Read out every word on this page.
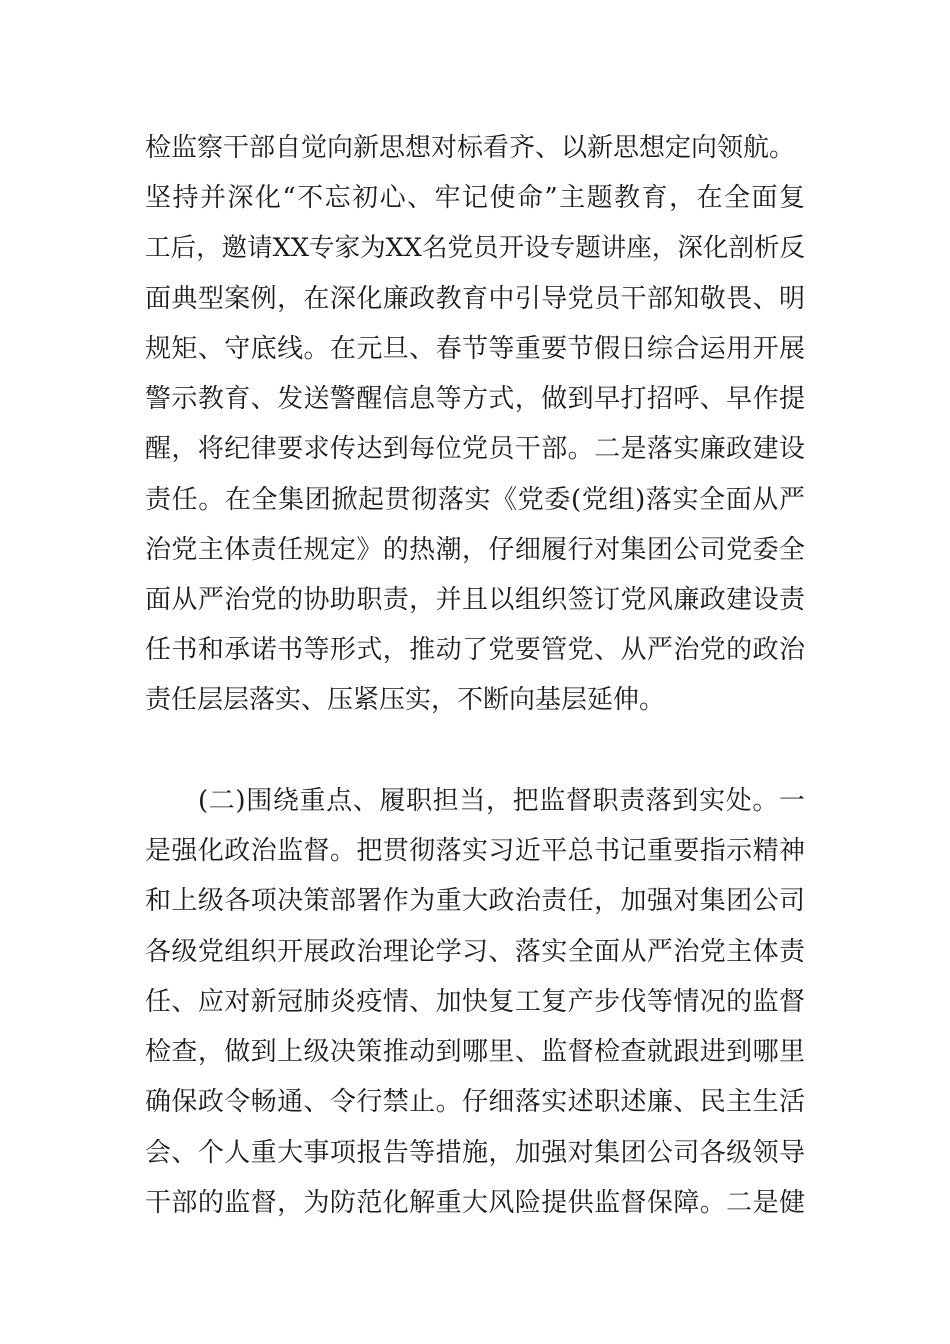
检监察干部自觉向新思想对标看齐、以新思想定向领航。
坚持并深化“不忘初心、牢记使命”主题教育，在全面复
工后，邀请XX专家为XX名党员开设专题讲座，深化剖析反
面典型案例，在深化廉政教育中引导党员干部知敬畏、明
规矩、守底线。在元旦、春节等重要节假日综合运用开展
警示教育、发送警醒信息等方式，做到早打招呼、早作提
醒，将纪律要求传达到每位党员干部。二是落实廉政建设
责任。在全集团掀起贯彻落实《党委(党组)落实全面从严
治党主体责任规定》的热潮，仔细履行对集团公司党委全
面从严治党的协助职责，并且以组织签订党风廉政建设责
任书和承诺书等形式，推动了党要管党、从严治党的政治
责任层层落实、压紧压实，不断向基层延伸。
(二)围绕重点、履职担当，把监督职责落到实处。一
是强化政治监督。把贯彻落实习近平总书记重要指示精神
和上级各项决策部署作为重大政治责任，加强对集团公司
各级党组织开展政治理论学习、落实全面从严治党主体责
任、应对新冠肺炎疫情、加快复工复产步伐等情况的监督
检查，做到上级决策推动到哪里、监督检查就跟进到哪里
确保政令畅通、令行禁止。仔细落实述职述廉、民主生活
会、个人重大事项报告等措施，加强对集团公司各级领导
干部的监督，为防范化解重大风险提供监督保障。二是健
